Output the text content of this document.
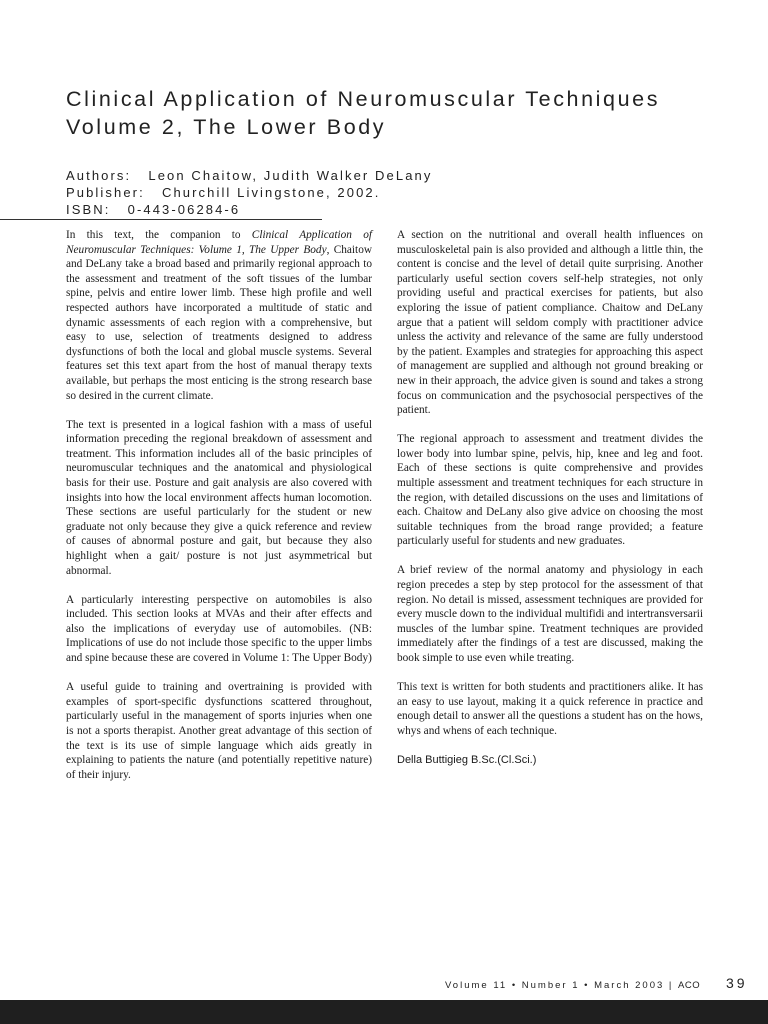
Clinical Application of Neuromuscular Techniques
Volume 2, The Lower Body
Authors: Leon Chaitow, Judith Walker DeLany
Publisher: Churchill Livingstone, 2002.
ISBN: 0-443-06284-6

In this text, the companion to Clinical Application of Neuromuscular Techniques: Volume 1, The Upper Body, Chaitow and DeLany take a broad based and primarily regional approach to the assessment and treatment of the soft tissues of the lumbar spine, pelvis and entire lower limb. These high profile and well respected authors have incorporated a multitude of static and dynamic assessments of each region with a comprehensive, but easy to use, selection of treatments designed to address dysfunctions of both the local and global muscle systems. Several features set this text apart from the host of manual therapy texts available, but perhaps the most enticing is the strong research base so desired in the current climate.

The text is presented in a logical fashion with a mass of useful information preceding the regional breakdown of assessment and treatment. This information includes all of the basic principles of neuromuscular techniques and the anatomical and physiological basis for their use. Posture and gait analysis are also covered with insights into how the local environment affects human locomotion. These sections are useful particularly for the student or new graduate not only because they give a quick reference and review of causes of abnormal posture and gait, but because they also highlight when a gait/ posture is not just asymmetrical but abnormal.

A particularly interesting perspective on automobiles is also included. This section looks at MVAs and their after effects and also the implications of everyday use of automobiles. (NB: Implications of use do not include those specific to the upper limbs and spine because these are covered in Volume 1: The Upper Body)

A useful guide to training and overtraining is provided with examples of sport-specific dysfunctions scattered throughout, particularly useful in the management of sports injuries when one is not a sports therapist. Another great advantage of this section of the text is its use of simple language which aids greatly in explaining to patients the nature (and potentially repetitive nature) of their injury.

A section on the nutritional and overall health influences on musculoskeletal pain is also provided and although a little thin, the content is concise and the level of detail quite surprising. Another particularly useful section covers self-help strategies, not only providing useful and practical exercises for patients, but also exploring the issue of patient compliance. Chaitow and DeLany argue that a patient will seldom comply with practitioner advice unless the activity and relevance of the same are fully understood by the patient. Examples and strategies for approaching this aspect of management are supplied and although not ground breaking or new in their approach, the advice given is sound and takes a strong focus on communication and the psychosocial perspectives of the patient.

The regional approach to assessment and treatment divides the lower body into lumbar spine, pelvis, hip, knee and leg and foot. Each of these sections is quite comprehensive and provides multiple assessment and treatment techniques for each structure in the region, with detailed discussions on the uses and limitations of each. Chaitow and DeLany also give advice on choosing the most suitable techniques from the broad range provided; a feature particularly useful for students and new graduates.

A brief review of the normal anatomy and physiology in each region precedes a step by step protocol for the assessment of that region. No detail is missed, assessment techniques are provided for every muscle down to the individual multifidi and intertransversarii muscles of the lumbar spine. Treatment techniques are provided immediately after the findings of a test are discussed, making the book simple to use even while treating.

This text is written for both students and practitioners alike. It has an easy to use layout, making it a quick reference in practice and enough detail to answer all the questions a student has on the hows, whys and whens of each technique.

Della Buttigieg B.Sc.(Cl.Sci.)
Volume 11 • Number 1 • March 2003 | ACO 39
